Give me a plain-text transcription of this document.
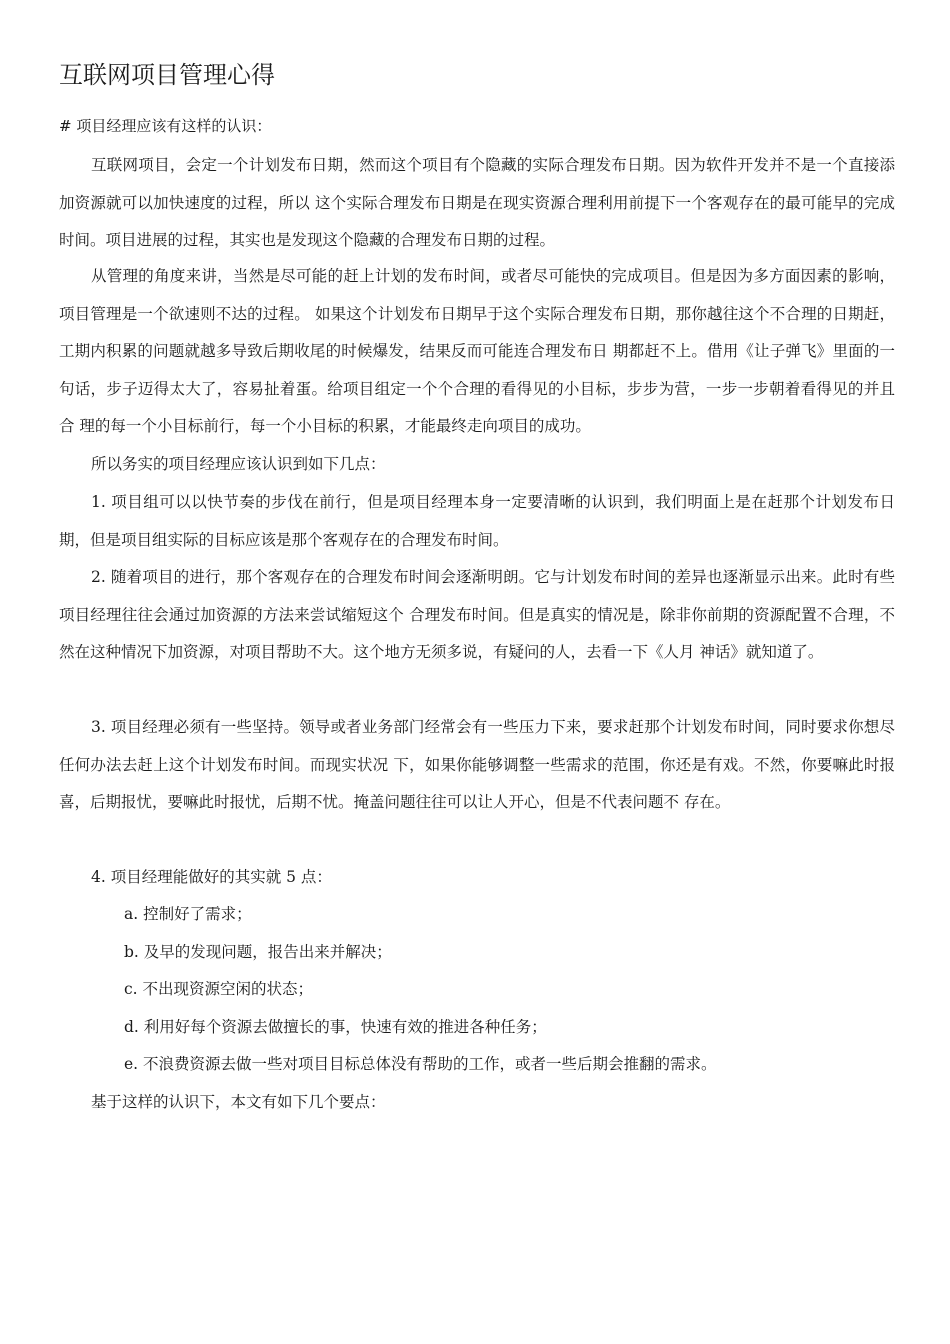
互联网项目管理心得
# 项目经理应该有这样的认识：

互联网项目，会定一个计划发布日期，然而这个项目有个隐藏的实际合理发布日期。因为软件开发并不是一个直接添加资源就可以加快速度的过程，所以 这个实际合理发布日期是在现实资源合理利用前提下一个客观存在的最可能早的完成时间。项目进展的过程，其实也是发现这个隐藏的合理发布日期的过程。

从管理的角度来讲，当然是尽可能的赶上计划的发布时间，或者尽可能快的完成项目。但是因为多方面因素的影响，项目管理是一个欲速则不达的过程。 如果这个计划发布日期早于这个实际合理发布日期，那你越往这个不合理的日期赶，工期内积累的问题就越多导致后期收尾的时候爆发，结果反而可能连合理发布日 期都赶不上。借用《让子弹飞》里面的一句话，步子迈得太大了，容易扯着蛋。给项目组定一个个合理的看得见的小目标，步步为营，一步一步朝着看得见的并且合 理的每一个小目标前行，每一个小目标的积累，才能最终走向项目的成功。

所以务实的项目经理应该认识到如下几点：

1. 项目组可以以快节奏的步伐在前行，但是项目经理本身一定要清晰的认识到，我们明面上是在赶那个计划发布日期，但是项目组实际的目标应该是那个客观存在的合理发布时间。

2. 随着项目的进行，那个客观存在的合理发布时间会逐渐明朗。它与计划发布时间的差异也逐渐显示出来。此时有些项目经理往往会通过加资源的方法来尝试缩短这个 合理发布时间。但是真实的情况是，除非你前期的资源配置不合理，不然在这种情况下加资源，对项目帮助不大。这个地方无须多说，有疑问的人，去看一下《人月 神话》就知道了。

3. 项目经理必须有一些坚持。领导或者业务部门经常会有一些压力下来，要求赶那个计划发布时间，同时要求你想尽任何办法去赶上这个计划发布时间。而现实状况 下，如果你能够调整一些需求的范围，你还是有戏。不然，你要嘛此时报喜，后期报忧，要嘛此时报忧，后期不忧。掩盖问题往往可以让人开心，但是不代表问题不 存在。

4. 项目经理能做好的其实就 5 点：

a. 控制好了需求；
b. 及早的发现问题，报告出来并解决；
c. 不出现资源空闲的状态；
d. 利用好每个资源去做擅长的事，快速有效的推进各种任务；
e. 不浪费资源去做一些对项目目标总体没有帮助的工作，或者一些后期会推翻的需求。
基于这样的认识下，本文有如下几个要点：
